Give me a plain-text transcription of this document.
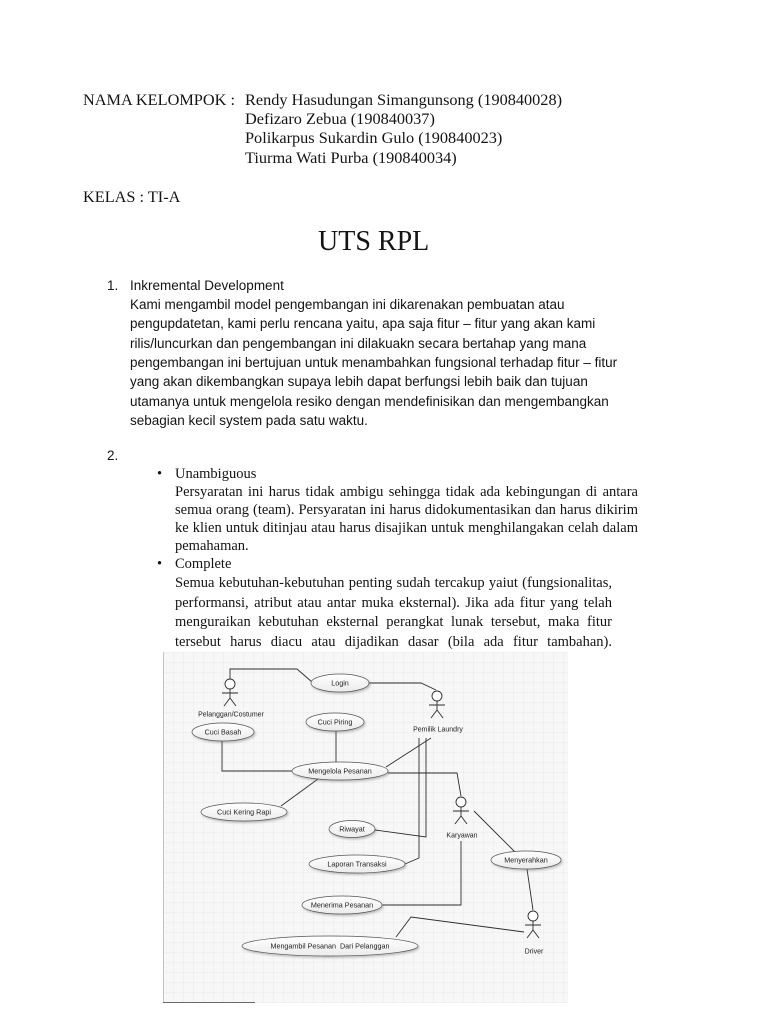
NAMA KELOMPOK : Rendy Hasudungan Simangunsong (190840028)
Defizaro Zebua (190840037)
Polikarpus Sukardin Gulo (190840023)
Tiurma Wati Purba (190840034)
KELAS : TI-A
UTS RPL
1. Inkremental Development
Kami mengambil model pengembangan ini dikarenakan pembuatan atau
pengupdatetan, kami perlu rencana yaitu, apa saja fitur – fitur yang akan kami
rilis/luncurkan dan pengembangan ini dilakuakn secara bertahap yang mana
pengembangan ini bertujuan untuk menambahkan fungsional terhadap fitur – fitur
yang akan dikembangkan supaya lebih dapat berfungsi lebih baik dan tujuan
utamanya untuk mengelola resiko dengan mendefinisikan dan mengembangkan
sebagian kecil system pada satu waktu.
2.
• Unambiguous
Persyaratan ini harus tidak ambigu sehingga tidak ada kebingungan di antara
semua orang (team). Persyaratan ini harus didokumentasikan dan harus dikirim
ke klien untuk ditinjau atau harus disajikan untuk menghilangakan celah dalam
pemahaman.
• Complete
Semua kebutuhan-kebutuhan penting sudah tercakup yaiut (fungsionalitas,
performansi, atribut atau antar muka eksternal). Jika ada fitur yang telah
menguraikan kebutuhan eksternal perangkat lunak tersebut, maka fitur
tersebut harus diacu atau dijadikan dasar (bila ada fitur tambahan).
Login
Cuci Piring
Cuci Basah
Mengelola Pesanan
Cuci Kering Rapi
Riwayat
Laporan Transaksi	Menyerahkan
Menerima Pesanan
Mengambil Pesanan  Dari Pelanggan
Pelanggan/Costumer
Pemilik Laundry
Karyawan
Driver
